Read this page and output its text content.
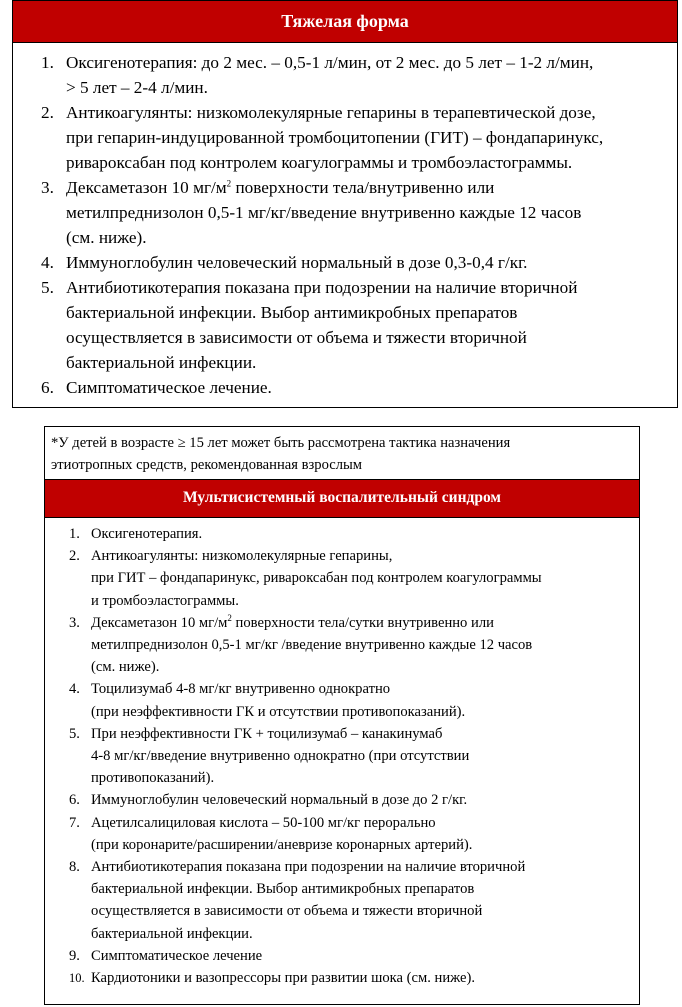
Тяжелая форма
1. Оксигенотерапия: до 2 мес. – 0,5-1 л/мин, от 2 мес. до 5 лет – 1-2 л/мин,
> 5 лет – 2-4 л/мин.
2. Антикоагулянты: низкомолекулярные гепарины в терапевтической дозе,
при гепарин-индуцированной тромбоцитопении (ГИТ) – фондапаринукс,
ривароксабан под контролем коагулограммы и тромбоэластограммы.
3. Дексаметазон 10 $мг/м^2$ поверхности тела/внутривенно или
метилпреднизолон 0,5-1 мг/кг/введение внутривенно каждые 12 часов
(см. ниже).
4. Иммуноглобулин человеческий нормальный в дозе 0,3-0,4 г/кг.
5. Антибиотикотерапия показана при подозрении на наличие вторичной
бактериальной инфекции. Выбор антимикробных препаратов
осуществляется в зависимости от объема и тяжести вторичной
бактериальной инфекции.
6. Симптоматическое лечение.
*У детей в возрасте ≥ 15 лет может быть рассмотрена тактика назначения
этиотропных средств, рекомендованная взрослым
Мультисистемный воспалительный синдром
1. Оксигенотерапия.
2. Антикоагулянты: низкомолекулярные гепарины,
при ГИТ – фондапаринукс, ривароксабан под контролем коагулограммы
и тромбоэластограммы.
3. Дексаметазон 10 $мг/м^2$ поверхности тела/сутки внутривенно или
метилпреднизолон 0,5-1 мг/кг /введение внутривенно каждые 12 часов
(см. ниже).
4. Тоцилизумаб 4-8 мг/кг внутривенно однократно
(при неэффективности ГК и отсутствии противопоказаний).
5. При неэффективности ГК + тоцилизумаб – канакинумаб
4-8 мг/кг/введение внутривенно однократно (при отсутствии
противопоказаний).
6. Иммуноглобулин человеческий нормальный в дозе до 2 г/кг.
7. Ацетилсалициловая кислота – 50-100 мг/кг перорально
(при коронарите/расширении/аневризе коронарных артерий).
8. Антибиотикотерапия показана при подозрении на наличие вторичной
бактериальной инфекции. Выбор антимикробных препаратов
осуществляется в зависимости от объема и тяжести вторичной
бактериальной инфекции.
9. Симптоматическое лечение
10. Кардиотоники и вазопрессоры при развитии шока (см. ниже).
